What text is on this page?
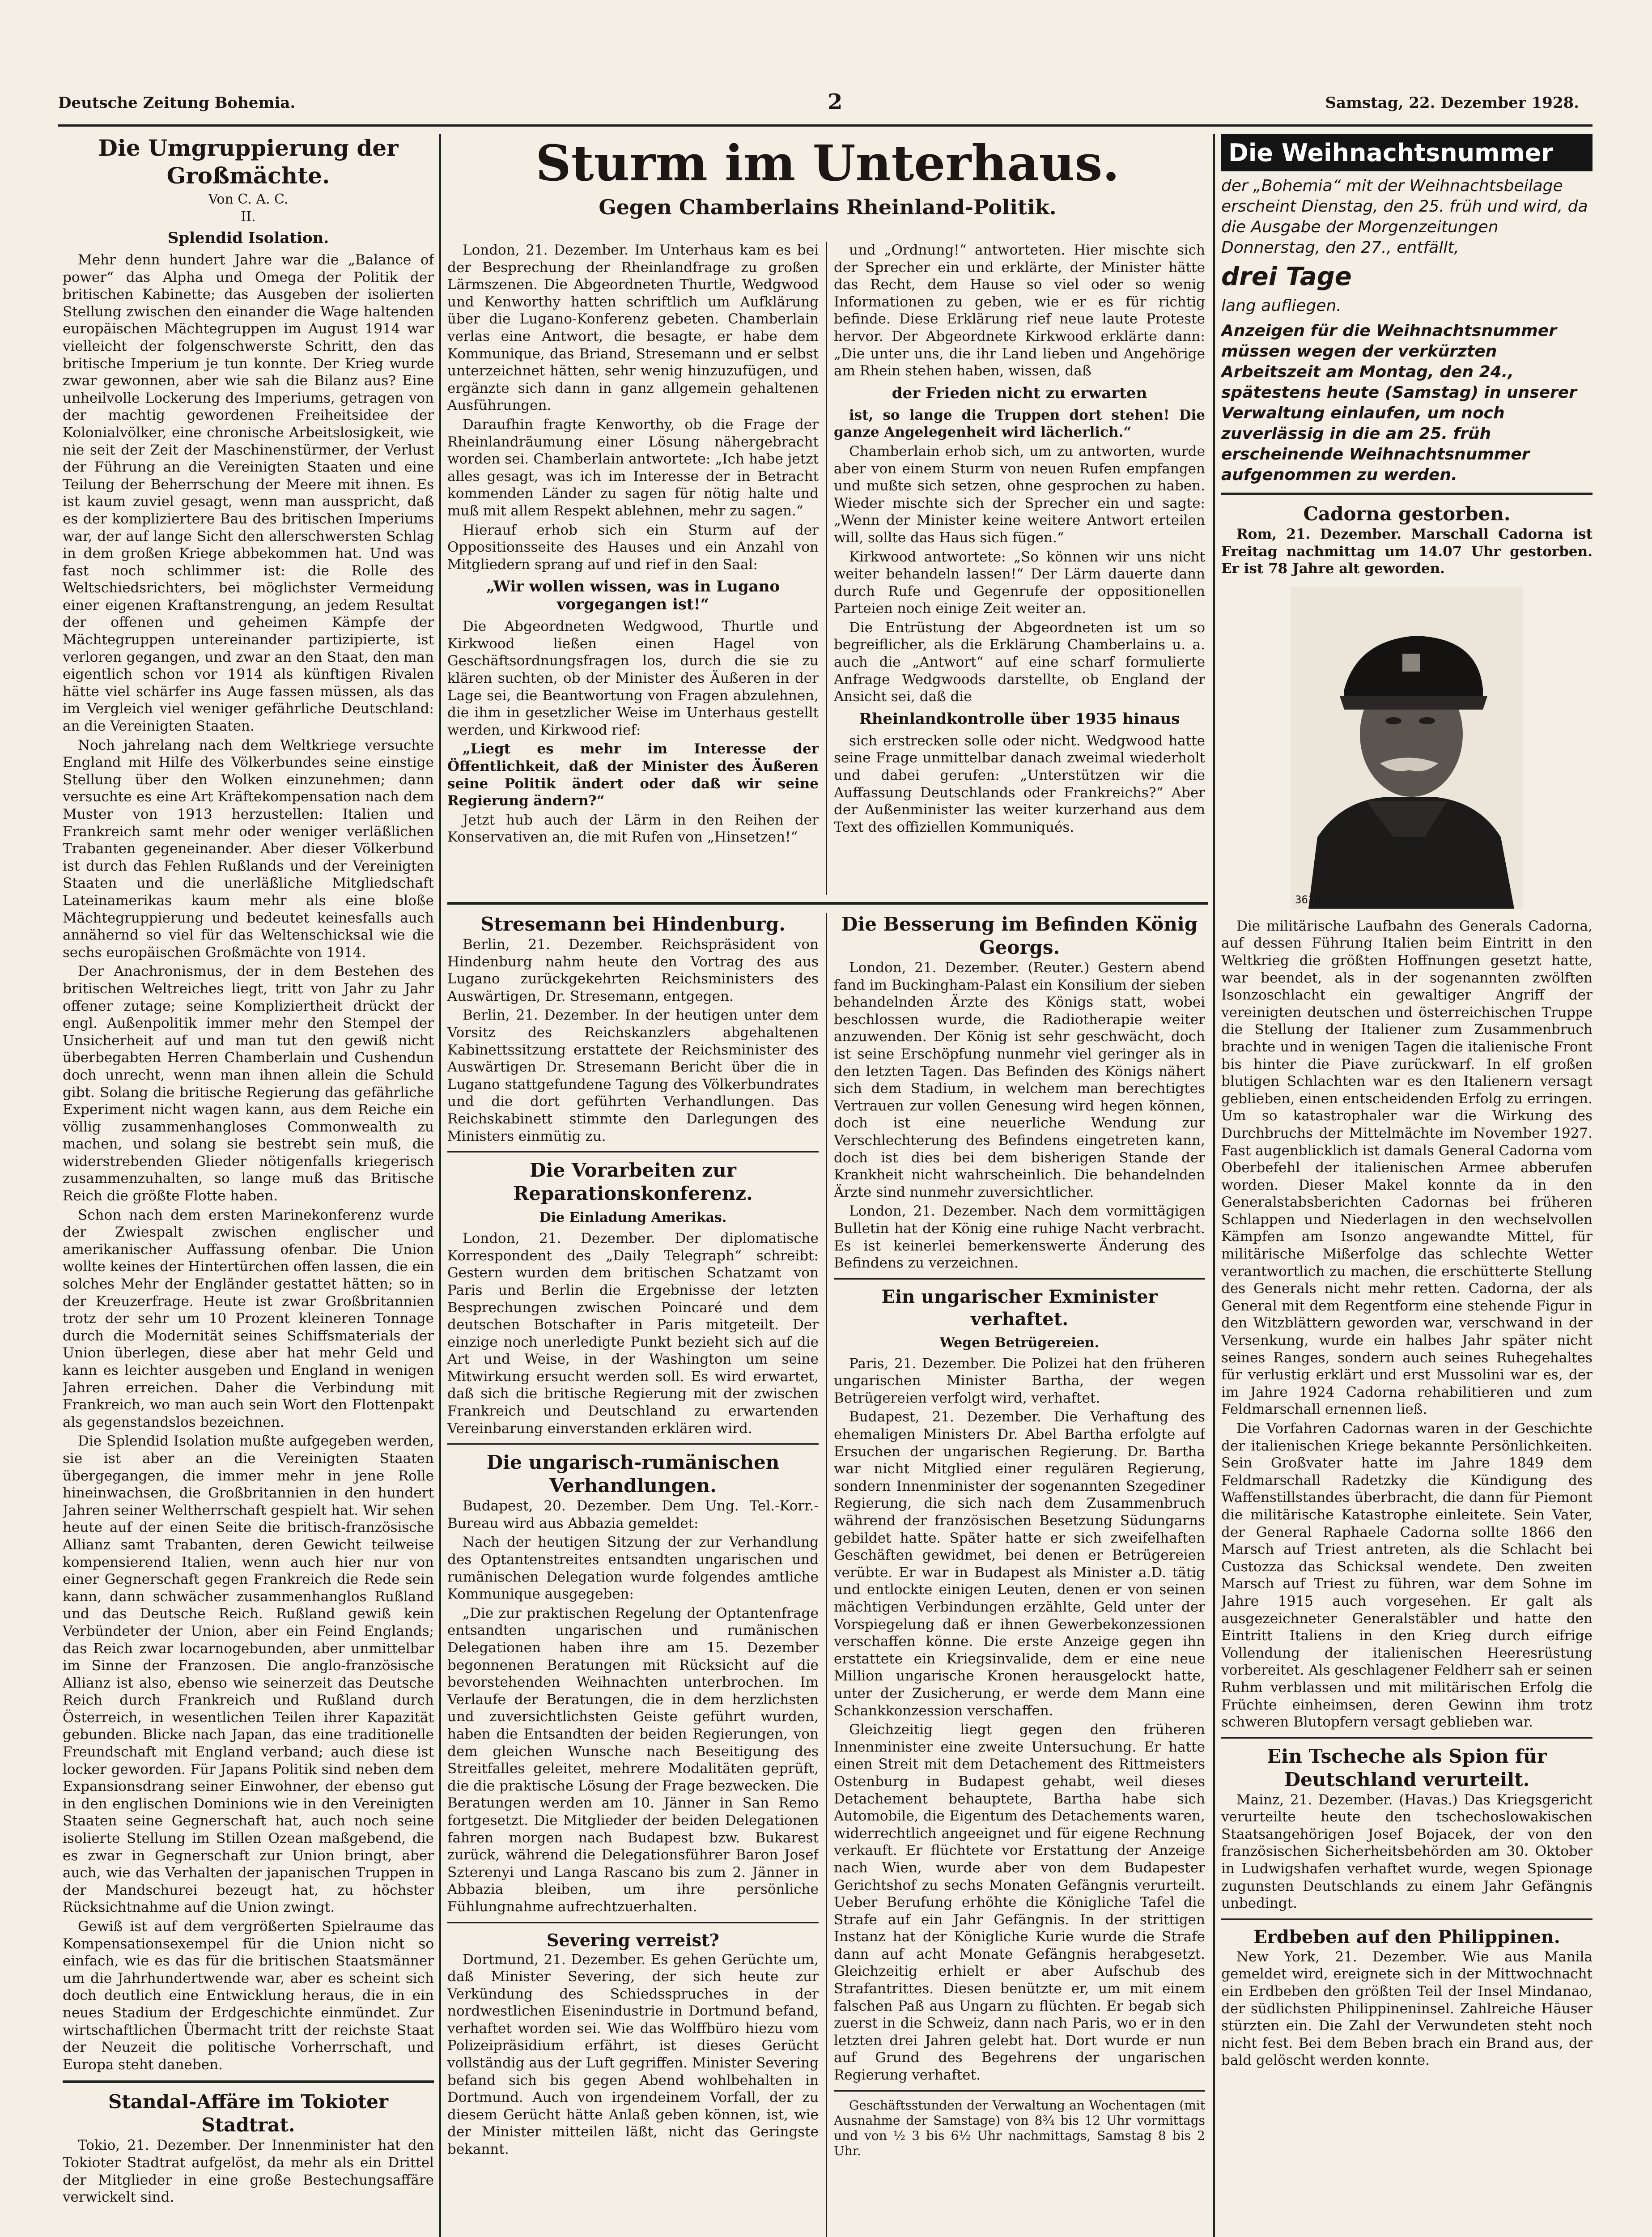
Deutsche Zeitung Bohemia.	2	Samstag, 22. Dezember 1928.
Die Umgruppierung der Großmächte.
Von C. A. C.
II.
Splendid Isolation.

Mehr denn hundert Jahre war die „Balance of power“ das Alpha und Omega der Politik der britischen Kabinette; das Ausgeben der isolierten Stellung zwischen den einander die Wage haltenden europäischen Mächtegruppen im August 1914 war vielleicht der folgenschwerste Schritt, den das britische Imperium je tun konnte. Der Krieg wurde zwar gewonnen, aber wie sah die Bilanz aus? Eine unheilvolle Lockerung des Imperiums, getragen von der machtig gewordenen Freiheitsidee der Kolonialvölker, eine chronische Arbeitslosigkeit, wie nie seit der Zeit der Maschinenstürmer, der Verlust der Führung an die Vereinigten Staaten und eine Teilung der Beherrschung der Meere mit ihnen. Es ist kaum zuviel gesagt, wenn man ausspricht, daß es der kompliziertere Bau des britischen Imperiums war, der auf lange Sicht den allerschwersten Schlag in dem großen Kriege abbekommen hat. Und was fast noch schlimmer ist: die Rolle des Weltschiedsrichters, bei möglichster Vermeidung einer eigenen Kraftanstrengung, an jedem Resultat der offenen und geheimen Kämpfe der Mächtegruppen untereinander partizipierte, ist verloren gegangen, und zwar an den Staat, den man eigentlich schon vor 1914 als künftigen Rivalen hätte viel schärfer ins Auge fassen müssen, als das im Vergleich viel weniger gefährliche Deutschland: an die Vereinigten Staaten.

Noch jahrelang nach dem Weltkriege versuchte England mit Hilfe des Völkerbundes seine einstige Stellung über den Wolken einzunehmen; dann versuchte es eine Art Kräftekompensation nach dem Muster von 1913 herzustellen: Italien und Frankreich samt mehr oder weniger verläßlichen Trabanten gegeneinander. Aber dieser Völkerbund ist durch das Fehlen Rußlands und der Vereinigten Staaten und die unerläßliche Mitgliedschaft Lateinamerikas kaum mehr als eine bloße Mächtegruppierung und bedeutet keinesfalls auch annähernd so viel für das Weltenschicksal wie die sechs europäischen Großmächte von 1914.

Der Anachronismus, der in dem Bestehen des britischen Weltreiches liegt, tritt von Jahr zu Jahr offener zutage; seine Kompliziertheit drückt der engl. Außenpolitik immer mehr den Stempel der Unsicherheit auf und man tut den gewiß nicht überbegabten Herren Chamberlain und Cushendun doch unrecht, wenn man ihnen allein die Schuld gibt. Solang die britische Regierung das gefährliche Experiment nicht wagen kann, aus dem Reiche ein völlig zusammenhangloses Commonwealth zu machen, und solang sie bestrebt sein muß, die widerstrebenden Glieder nötigenfalls kriegerisch zusammenzuhalten, so lange muß das Britische Reich die größte Flotte haben.

Schon nach dem ersten Marinekonferenz wurde der Zwiespalt zwischen englischer und amerikanischer Auffassung ofenbar. Die Union wollte keines der Hintertürchen offen lassen, die ein solches Mehr der Engländer gestattet hätten; so in der Kreuzerfrage. Heute ist zwar Großbritannien trotz der sehr um 10 Prozent kleineren Tonnage durch die Modernität seines Schiffsmaterials der Union überlegen, diese aber hat mehr Geld und kann es leichter ausgeben und England in wenigen Jahren erreichen. Daher die Verbindung mit Frankreich, wo man auch sein Wort den Flottenpakt als gegenstandslos bezeichnen.

Die Splendid Isolation mußte aufgegeben werden, sie ist aber an die Vereinigten Staaten übergegangen, die immer mehr in jene Rolle hineinwachsen, die Großbritannien in den hundert Jahren seiner Weltherrschaft gespielt hat. Wir sehen heute auf der einen Seite die britisch-französische Allianz samt Trabanten, deren Gewicht teilweise kompensierend Italien, wenn auch hier nur von einer Gegnerschaft gegen Frankreich die Rede sein kann, dann schwächer zusammenhanglos Rußland und das Deutsche Reich. Rußland gewiß kein Verbündeter der Union, aber ein Feind Englands; das Reich zwar locarnogebunden, aber unmittelbar im Sinne der Franzosen. Die anglo-französische Allianz ist also, ebenso wie seinerzeit das Deutsche Reich durch Frankreich und Rußland durch Österreich, in wesentlichen Teilen ihrer Kapazität gebunden. Blicke nach Japan, das eine traditionelle Freundschaft mit England verband; auch diese ist locker geworden. Für Japans Politik sind neben dem Expansionsdrang seiner Einwohner, der ebenso gut in den englischen Dominions wie in den Vereinigten Staaten seine Gegnerschaft hat, auch noch seine isolierte Stellung im Stillen Ozean maßgebend, die es zwar in Gegnerschaft zur Union bringt, aber auch, wie das Verhalten der japanischen Truppen in der Mandschurei bezeugt hat, zu höchster Rücksichtnahme auf die Union zwingt.

Gewiß ist auf dem vergrößerten Spielraume das Kompensationsexempel für die Union nicht so einfach, wie es das für die britischen Staatsmänner um die Jahrhundertwende war, aber es scheint sich doch deutlich eine Entwicklung heraus, die in ein neues Stadium der Erdgeschichte einmündet. Zur wirtschaftlichen Übermacht tritt der reichste Staat der Neuzeit die politische Vorherrschaft, und Europa steht daneben.

Standal-Affäre im Tokioter Stadtrat.

Tokio, 21. Dezember. Der Innenminister hat den Tokioter Stadtrat aufgelöst, da mehr als ein Drittel der Mitglieder in eine große Bestechungsaffäre verwickelt sind.

Sturm im Unterhaus.
Gegen Chamberlains Rheinland-Politik.

London, 21. Dezember. Im Unterhaus kam es bei der Besprechung der Rheinlandfrage zu großen Lärmszenen. Die Abgeordneten Thurtle, Wedgwood und Kenworthy hatten schriftlich um Aufklärung über die Lugano-Konferenz gebeten. Chamberlain verlas eine Antwort, die besagte, er habe dem Kommunique, das Briand, Stresemann und er selbst unterzeichnet hätten, sehr wenig hinzuzufügen, und ergänzte sich dann in ganz allgemein gehaltenen Ausführungen.

Daraufhin fragte Kenworthy, ob die Frage der Rheinlandräumung einer Lösung nähergebracht worden sei. Chamberlain antwortete: „Ich habe jetzt alles gesagt, was ich im Interesse der in Betracht kommenden Länder zu sagen für nötig halte und muß mit allem Respekt ablehnen, mehr zu sagen.“

Hierauf erhob sich ein Sturm auf der Oppositionsseite des Hauses und ein Anzahl von Mitgliedern sprang auf und rief in den Saal:

„Wir wollen wissen, was in Lugano vorgegangen ist!“

Die Abgeordneten Wedgwood, Thurtle und Kirkwood ließen einen Hagel von Geschäftsordnungsfragen los, durch die sie zu klären suchten, ob der Minister des Äußeren in der Lage sei, die Beantwortung von Fragen abzulehnen, die ihm in gesetzlicher Weise im Unterhaus gestellt werden, und Kirkwood rief:

„Liegt es mehr im Interesse der Öffentlichkeit, daß der Minister des Äußeren seine Politik ändert oder daß wir seine Regierung ändern?“

Jetzt hub auch der Lärm in den Reihen der Konservativen an, die mit Rufen von „Hinsetzen!“

und „Ordnung!“ antworteten. Hier mischte sich der Sprecher ein und erklärte, der Minister hätte das Recht, dem Hause so viel oder so wenig Informationen zu geben, wie er es für richtig befinde. Diese Erklärung rief neue laute Proteste hervor. Der Abgeordnete Kirkwood erklärte dann: „Die unter uns, die ihr Land lieben und Angehörige am Rhein stehen haben, wissen, daß

der Frieden nicht zu erwarten

ist, so lange die Truppen dort stehen! Die ganze Angelegenheit wird lächerlich.“

Chamberlain erhob sich, um zu antworten, wurde aber von einem Sturm von neuen Rufen empfangen und mußte sich setzen, ohne gesprochen zu haben. Wieder mischte sich der Sprecher ein und sagte: „Wenn der Minister keine weitere Antwort erteilen will, sollte das Haus sich fügen.“

Kirkwood antwortete: „So können wir uns nicht weiter behandeln lassen!“ Der Lärm dauerte dann durch Rufe und Gegenrufe der oppositionellen Parteien noch einige Zeit weiter an.

Die Entrüstung der Abgeordneten ist um so begreiflicher, als die Erklärung Chamberlains u. a. auch die „Antwort“ auf eine scharf formulierte Anfrage Wedgwoods darstellte, ob England der Ansicht sei, daß die

Rheinlandkontrolle über 1935 hinaus

sich erstrecken solle oder nicht. Wedgwood hatte seine Frage unmittelbar danach zweimal wiederholt und dabei gerufen: „Unterstützen wir die Auffassung Deutschlands oder Frankreichs?“ Aber der Außenminister las weiter kurzerhand aus dem Text des offiziellen Kommuniqués.

Stresemann bei Hindenburg.

Berlin, 21. Dezember. Reichspräsident von Hindenburg nahm heute den Vortrag des aus Lugano zurückgekehrten Reichsministers des Auswärtigen, Dr. Stresemann, entgegen.

Berlin, 21. Dezember. In der heutigen unter dem Vorsitz des Reichskanzlers abgehaltenen Kabinettssitzung erstattete der Reichsminister des Auswärtigen Dr. Stresemann Bericht über die in Lugano stattgefundene Tagung des Völkerbundrates und die dort geführten Verhandlungen. Das Reichskabinett stimmte den Darlegungen des Ministers einmütig zu.

Die Vorarbeiten zur Reparationskonferenz.
Die Einladung Amerikas.

London, 21. Dezember. Der diplomatische Korrespondent des „Daily Telegraph“ schreibt: Gestern wurden dem britischen Schatzamt von Paris und Berlin die Ergebnisse der letzten Besprechungen zwischen Poincaré und dem deutschen Botschafter in Paris mitgeteilt. Der einzige noch unerledigte Punkt bezieht sich auf die Art und Weise, in der Washington um seine Mitwirkung ersucht werden soll. Es wird erwartet, daß sich die britische Regierung mit der zwischen Frankreich und Deutschland zu erwartenden Vereinbarung einverstanden erklären wird.

Die ungarisch-rumänischen Verhandlungen.

Budapest, 20. Dezember. Dem Ung. Tel.-Korr.-Bureau wird aus Abbazia gemeldet:

Nach der heutigen Sitzung der zur Verhandlung des Optantenstreites entsandten ungarischen und rumänischen Delegation wurde folgendes amtliche Kommunique ausgegeben:

„Die zur praktischen Regelung der Optantenfrage entsandten ungarischen und rumänischen Delegationen haben ihre am 15. Dezember begonnenen Beratungen mit Rücksicht auf die bevorstehenden Weihnachten unterbrochen. Im Verlaufe der Beratungen, die in dem herzlichsten und zuversichtlichsten Geiste geführt wurden, haben die Entsandten der beiden Regierungen, von dem gleichen Wunsche nach Beseitigung des Streitfalles geleitet, mehrere Modalitäten geprüft, die die praktische Lösung der Frage bezwecken. Die Beratungen werden am 10. Jänner in San Remo fortgesetzt. Die Mitglieder der beiden Delegationen fahren morgen nach Budapest bzw. Bukarest zurück, während die Delegationsführer Baron Josef Szterenyi und Langa Rascano bis zum 2. Jänner in Abbazia bleiben, um ihre persönliche Fühlungnahme aufrechtzuerhalten.

Severing verreist?

Dortmund, 21. Dezember. Es gehen Gerüchte um, daß Minister Severing, der sich heute zur Verkündung des Schiedsspruches in der nordwestlichen Eisenindustrie in Dortmund befand, verhaftet worden sei. Wie das Wolffbüro hiezu vom Polizeipräsidium erfährt, ist dieses Gerücht vollständig aus der Luft gegriffen. Minister Severing befand sich bis gegen Abend wohlbehalten in Dortmund. Auch von irgendeinem Vorfall, der zu diesem Gerücht hätte Anlaß geben können, ist, wie der Minister mitteilen läßt, nicht das Geringste bekannt.

Die Besserung im Befinden König Georgs.

London, 21. Dezember. (Reuter.) Gestern abend fand im Buckingham-Palast ein Konsilium der sieben behandelnden Ärzte des Königs statt, wobei beschlossen wurde, die Radiotherapie weiter anzuwenden. Der König ist sehr geschwächt, doch ist seine Erschöpfung nunmehr viel geringer als in den letzten Tagen. Das Befinden des Königs nähert sich dem Stadium, in welchem man berechtigtes Vertrauen zur vollen Genesung wird hegen können, doch ist eine neuerliche Wendung zur Verschlechterung des Befindens eingetreten kann, doch ist dies bei dem bisherigen Stande der Krankheit nicht wahrscheinlich. Die behandelnden Ärzte sind nunmehr zuversichtlicher.

London, 21. Dezember. Nach dem vormittägigen Bulletin hat der König eine ruhige Nacht verbracht. Es ist keinerlei bemerkenswerte Änderung des Befindens zu verzeichnen.

Ein ungarischer Exminister verhaftet.
Wegen Betrügereien.

Paris, 21. Dezember. Die Polizei hat den früheren ungarischen Minister Bartha, der wegen Betrügereien verfolgt wird, verhaftet.

Budapest, 21. Dezember. Die Verhaftung des ehemaligen Ministers Dr. Abel Bartha erfolgte auf Ersuchen der ungarischen Regierung. Dr. Bartha war nicht Mitglied einer regulären Regierung, sondern Innenminister der sogenannten Szegediner Regierung, die sich nach dem Zusammenbruch während der französischen Besetzung Südungarns gebildet hatte. Später hatte er sich zweifelhaften Geschäften gewidmet, bei denen er Betrügereien verübte. Er war in Budapest als Minister a.D. tätig und entlockte einigen Leuten, denen er von seinen mächtigen Verbindungen erzählte, Geld unter der Vorspiegelung daß er ihnen Gewerbekonzessionen verschaffen könne. Die erste Anzeige gegen ihn erstattete ein Kriegsinvalide, dem er eine neue Million ungarische Kronen herausgelockt hatte, unter der Zusicherung, er werde dem Mann eine Schankkonzession verschaffen.

Gleichzeitig liegt gegen den früheren Innenminister eine zweite Untersuchung. Er hatte einen Streit mit dem Detachement des Rittmeisters Ostenburg in Budapest gehabt, weil dieses Detachement behauptete, Bartha habe sich Automobile, die Eigentum des Detachements waren, widerrechtlich angeeignet und für eigene Rechnung verkauft. Er flüchtete vor Erstattung der Anzeige nach Wien, wurde aber von dem Budapester Gerichtshof zu sechs Monaten Gefängnis verurteilt. Ueber Berufung erhöhte die Königliche Tafel die Strafe auf ein Jahr Gefängnis. In der strittigen Instanz hat der Königliche Kurie wurde die Strafe dann auf acht Monate Gefängnis herabgesetzt. Gleichzeitig erhielt er aber Aufschub des Strafantrittes. Diesen benützte er, um mit einem falschen Paß aus Ungarn zu flüchten. Er begab sich zuerst in die Schweiz, dann nach Paris, wo er in den letzten drei Jahren gelebt hat. Dort wurde er nun auf Grund des Begehrens der ungarischen Regierung verhaftet.

Geschäftsstunden der Verwaltung an Wochentagen (mit Ausnahme der Samstage) von 8¾ bis 12 Uhr vormittags und von ½ 3 bis 6½ Uhr nachmittags, Samstag 8 bis 2 Uhr.

Die Weihnachtsnummer

der „Bohemia“ mit der Weihnachtsbeilage erscheint Dienstag, den 25. früh und wird, da die Ausgabe der Morgenzeitungen Donnerstag, den 27., entfällt,

drei Tage

lang aufliegen.

Anzeigen für die Weihnachtsnummer müssen wegen der verkürzten Arbeitszeit am Montag, den 24., spätestens heute (Samstag) in unserer Verwaltung einlaufen, um noch zuverlässig in die am 25. früh erscheinende Weihnachtsnummer aufgenommen zu werden.

Cadorna gestorben.

Rom, 21. Dezember. Marschall Cadorna ist Freitag nachmittag um 14.07 Uhr gestorben. Er ist 78 Jahre alt geworden.

3610

Die militärische Laufbahn des Generals Cadorna, auf dessen Führung Italien beim Eintritt in den Weltkrieg die größten Hoffnungen gesetzt hatte, war beendet, als in der sogenannten zwölften Isonzoschlacht ein gewaltiger Angriff der vereinigten deutschen und österreichischen Truppe die Stellung der Italiener zum Zusammenbruch brachte und in wenigen Tagen die italienische Front bis hinter die Piave zurückwarf. In elf großen blutigen Schlachten war es den Italienern versagt geblieben, einen entscheidenden Erfolg zu erringen. Um so katastrophaler war die Wirkung des Durchbruchs der Mittelmächte im November 1927. Fast augenblicklich ist damals General Cadorna vom Oberbefehl der italienischen Armee abberufen worden. Dieser Makel konnte da in den Generalstabsberichten Cadornas bei früheren Schlappen und Niederlagen in den wechselvollen Kämpfen am Isonzo angewandte Mittel, für militärische Mißerfolge das schlechte Wetter verantwortlich zu machen, die erschütterte Stellung des Generals nicht mehr retten. Cadorna, der als General mit dem Regentform eine stehende Figur in den Witzblättern geworden war, verschwand in der Versenkung, wurde ein halbes Jahr später nicht seines Ranges, sondern auch seines Ruhegehaltes für verlustig erklärt und erst Mussolini war es, der im Jahre 1924 Cadorna rehabilitieren und zum Feldmarschall ernennen ließ.

Die Vorfahren Cadornas waren in der Geschichte der italienischen Kriege bekannte Persönlichkeiten. Sein Großvater hatte im Jahre 1849 dem Feldmarschall Radetzky die Kündigung des Waffenstillstandes überbracht, die dann für Piemont die militärische Katastrophe einleitete. Sein Vater, der General Raphaele Cadorna sollte 1866 den Marsch auf Triest antreten, als die Schlacht bei Custozza das Schicksal wendete. Den zweiten Marsch auf Triest zu führen, war dem Sohne im Jahre 1915 auch vorgesehen. Er galt als ausgezeichneter Generalstäbler und hatte den Eintritt Italiens in den Krieg durch eifrige Vollendung der italienischen Heeresrüstung vorbereitet. Als geschlagener Feldherr sah er seinen Ruhm verblassen und mit militärischen Erfolg die Früchte einheimsen, deren Gewinn ihm trotz schweren Blutopfern versagt geblieben war.

Ein Tscheche als Spion für Deutschland verurteilt.

Mainz, 21. Dezember. (Havas.) Das Kriegsgericht verurteilte heute den tschechoslowakischen Staatsangehörigen Josef Bojacek, der von den französischen Sicherheitsbehörden am 30. Oktober in Ludwigshafen verhaftet wurde, wegen Spionage zugunsten Deutschlands zu einem Jahr Gefängnis unbedingt.

Erdbeben auf den Philippinen.

New York, 21. Dezember. Wie aus Manila gemeldet wird, ereignete sich in der Mittwochnacht ein Erdbeben den größten Teil der Insel Mindanao, der südlichsten Philippineninsel. Zahlreiche Häuser stürzten ein. Die Zahl der Verwundeten steht noch nicht fest. Bei dem Beben brach ein Brand aus, der bald gelöscht werden konnte.
